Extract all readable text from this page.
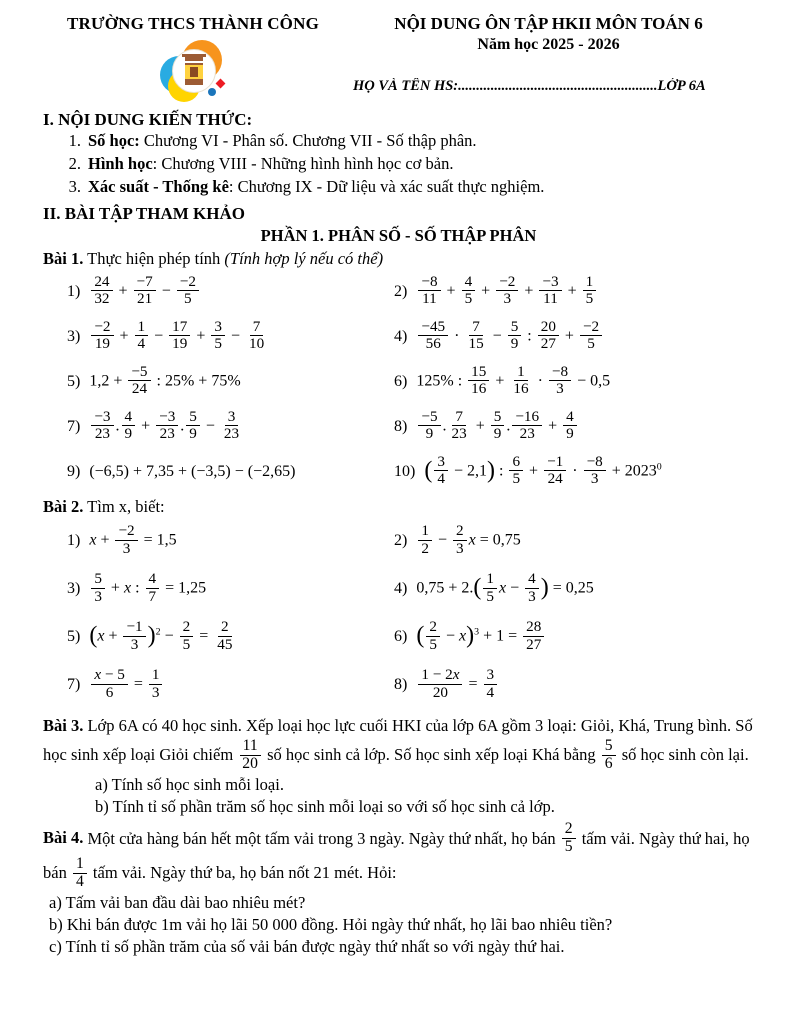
TRƯỜNG THCS THÀNH CÔNG	NỘI DUNG ÔN TẬP HKII MÔN TOÁN 6
Năm học 2025 - 2026
HỌ VÀ TÊN HS:.......................................................LỚP 6A
I. NỘI DUNG KIẾN THỨC:
1. Số học: Chương VI - Phân số. Chương VII - Số thập phân.
2. Hình học: Chương VIII - Những hình hình học cơ bản.
3. Xác suất - Thống kê: Chương IX - Dữ liệu và xác suất thực nghiệm.
II. BÀI TẬP THAM KHẢO
PHẦN 1. PHÂN SỐ - SỐ THẬP PHÂN
Bài 1. Thực hiện phép tính (Tính hợp lý nếu có thể)
$1) \frac{24}{32} + \frac{-7}{21} - \frac{-2}{5}$	$2) \frac{-8}{11} + \frac{4}{5} + \frac{-2}{3} + \frac{-3}{11} + \frac{1}{5}$
$3) \frac{-2}{19} + \frac{1}{4} - \frac{17}{19} + \frac{3}{5} - \frac{7}{10}$	$4) \frac{-45}{56} \cdot \frac{7}{15} - \frac{5}{9}$ : $\frac{20}{27} + \frac{-2}{5}$
5) $1,2 + \frac{-5}{24}$ : 25% + 75%	6) 125% : $\frac{15}{16} + \frac{1}{16} \cdot \frac{-8}{3} - 0,5$
$7) \frac{-3}{23}$ . $\frac{4}{9} + \frac{-3}{23}$ . $\frac{5}{9} - \frac{3}{23}$	$8) \frac{-5}{9}$ . $\frac{7}{23} + \frac{5}{9}$ . $\frac{-16}{23} + \frac{4}{9}$
9) (−6,5) + 7,35 + (−3,5) − (−2,65)	10) ( $\frac{3}{4} - 2,1$) : $\frac{6}{5} + \frac{-1}{24} \cdot \frac{-8}{3} + 2023^0$
Bài 2. Tìm x, biết:
1) $x + \frac{-2}{3} = 1,5$	$2) \frac{1}{2} - \frac{2}{3}$ x = 0,75
$3) \frac{5}{3} + x$ : $\frac{4}{7} = 1,25$	4) $0,75 + 2.( \frac{1}{5}$ $x - \frac{4}{3}$ ) = 0,25
5) $(x + \frac{-1}{3} )^2 - \frac{2}{5} = \frac{2}{45}$	6) ( $\frac{2}{5} - x)^3 + 1 = \frac{28}{27}$
$7) \frac{x - 5}{6} = \frac{1}{3}$	$8) \frac{1 - 2x}{20} = \frac{3}{4}$
Bài 3. Lớp 6A có 40 học sinh. Xếp loại học lực cuối HKI của lớp 6A gồm 3 loại: Giỏi, Khá, Trung bình. Số học sinh xếp loại Giỏi chiếm $\frac{11}{20}$ số học sinh cả lớp. Số học sinh xếp loại Khá bằng $\frac{5}{6}$ số học sinh còn lại.
a) Tính số học sinh mỗi loại.
b) Tính tỉ số phần trăm số học sinh mỗi loại so với số học sinh cả lớp.
Bài 4. Một cửa hàng bán hết một tấm vải trong 3 ngày. Ngày thứ nhất, họ bán $\frac{2}{5}$ tấm vải. Ngày thứ hai, họ bán $\frac{1}{4}$ tấm vải. Ngày thứ ba, họ bán nốt 21 mét. Hỏi:
a) Tấm vải ban đầu dài bao nhiêu mét?
b) Khi bán được 1m vải họ lãi 50 000 đồng. Hỏi ngày thứ nhất, họ lãi bao nhiêu tiền?
c) Tính tỉ số phần trăm của số vải bán được ngày thứ nhất so với ngày thứ hai.
